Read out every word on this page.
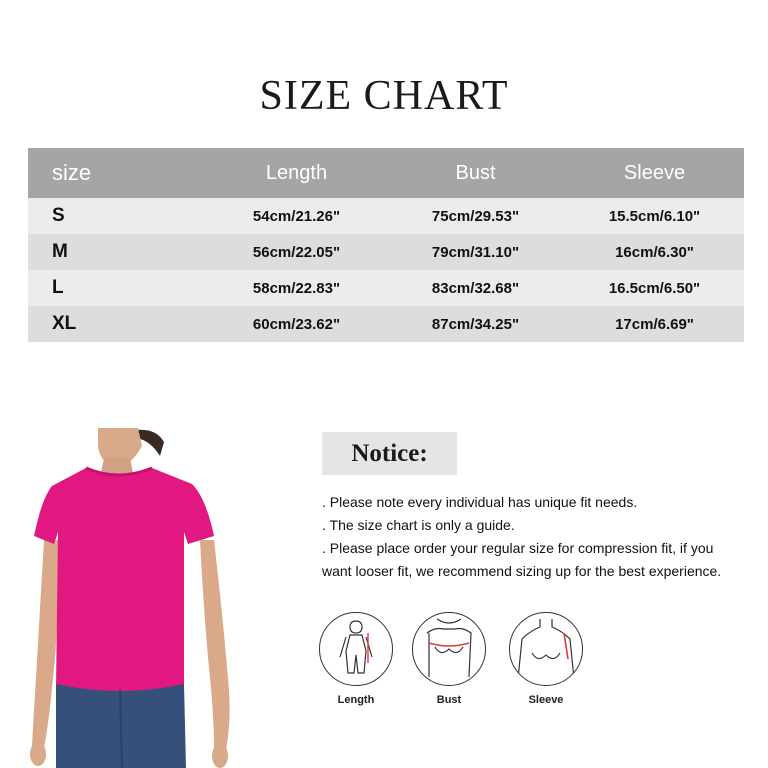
SIZE CHART
size	Length	Bust	Sleeve
S	54cm/21.26"	75cm/29.53"	15.5cm/6.10"
M	56cm/22.05"	79cm/31.10"	16cm/6.30"
L	58cm/22.83"	83cm/32.68"	16.5cm/6.50"
XL	60cm/23.62"	87cm/34.25"	17cm/6.69"
Notice:

. Please note every individual has unique fit needs.

. The size chart is only a guide.

. Please place order your regular size for compression fit, if you want looser fit, we recommend sizing up for the best experience.

Length	Bust	Sleeve
